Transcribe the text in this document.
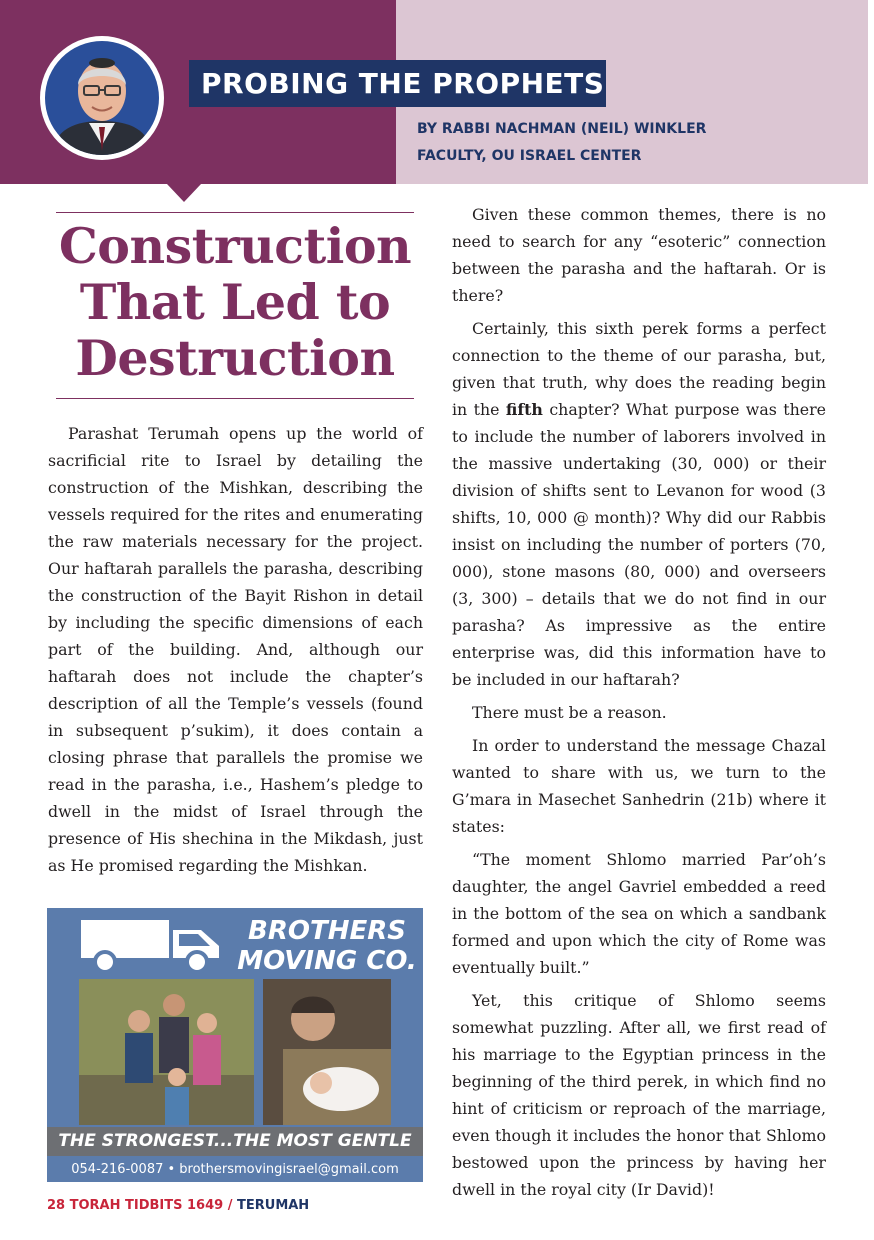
PROBING THE PROPHETS
BY RABBI NACHMAN (NEIL) WINKLER
FACULTY, OU ISRAEL CENTER
Construction
That Led to
Destruction

Parashat Terumah opens up the world of sacrificial rite to Israel by detailing the construction of the Mishkan, describing the vessels required for the rites and enumerating the raw materials necessary for the project. Our haftarah parallels the parasha, describing the construction of the Bayit Rishon in detail by including the specific dimensions of each part of the building. And, although our haftarah does not include the chapter’s description of all the Temple’s vessels (found in subsequent p’sukim), it does contain a closing phrase that parallels the promise we read in the parasha, i.e., Hashem’s pledge to dwell in the midst of Israel through the presence of His shechina in the Mikdash, just as He promised regarding the Mishkan.

Given these common themes, there is no need to search for any “esoteric” connection between the parasha and the haftarah. Or is there?

Certainly, this sixth perek forms a perfect connection to the theme of our parasha, but, given that truth, why does the reading begin in the fifth chapter? What purpose was there to include the number of laborers involved in the massive undertaking (30, 000) or their division of shifts sent to Levanon for wood (3 shifts, 10, 000 @ month)? Why did our Rabbis insist on including the number of porters (70, 000), stone masons (80, 000) and overseers (3, 300) – details that we do not find in our parasha? As impressive as the entire enterprise was, did this information have to be included in our haftarah?

There must be a reason.

In order to understand the message Chazal wanted to share with us, we turn to the G’mara in Masechet Sanhedrin (21b) where it states:

“The moment Shlomo married Par’oh’s daughter, the angel Gavriel embedded a reed in the bottom of the sea on which a sandbank formed and upon which the city of Rome was eventually built.”

Yet, this critique of Shlomo seems somewhat puzzling. After all, we first read of his marriage to the Egyptian princess in the beginning of the third perek, in which find no hint of criticism or reproach of the marriage, even though it includes the honor that Shlomo bestowed upon the princess by having her dwell in the royal city (Ir David)!

BROTHERS
MOVING CO.
THE STRONGEST...THE MOST GENTLE
054-216-0087 • brothersmovingisrael@gmail.com
28 TORAH TIDBITS 1649 / TERUMAH
